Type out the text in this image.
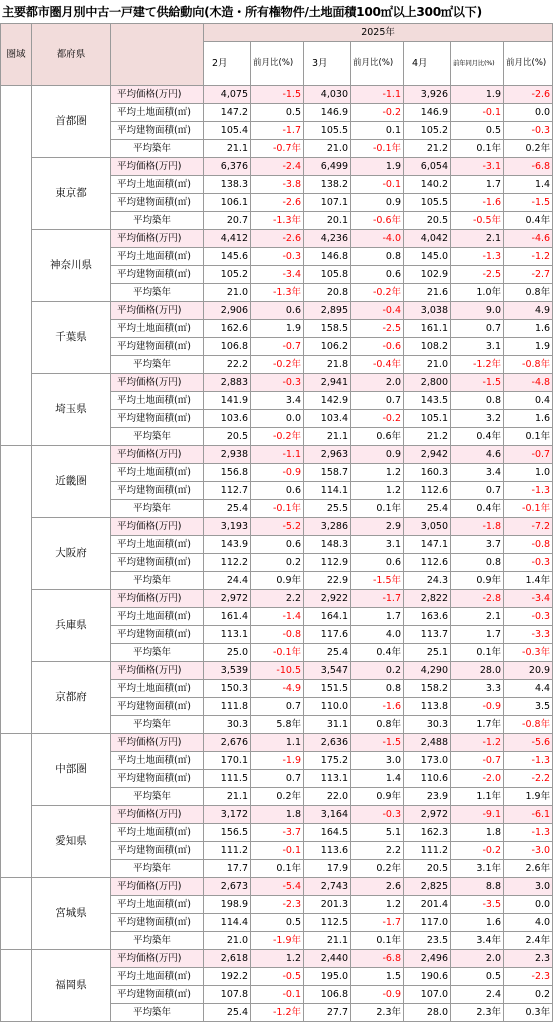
主要都市圏月別中古一戸建て供給動向(木造・所有権物件/土地面積100㎡以上300㎡以下)
圏域	都府県		2025年						
			2月	前月比(%)	3月	前月比(%)	4月	前年同月比(%)	前月比(%)
	首都圏	平均価格(万円)	4,075	-1.5	4,030	-1.1	3,926	1.9	-2.6
		平均土地面積(㎡)	147.2	0.5	146.9	-0.2	146.9	-0.1	0.0
		平均建物面積(㎡)	105.4	-1.7	105.5	0.1	105.2	0.5	-0.3
		平均築年	21.1	-0.7年	21.0	-0.1年	21.2	0.1年	0.2年
	東京都	平均価格(万円)	6,376	-2.4	6,499	1.9	6,054	-3.1	-6.8
		平均土地面積(㎡)	138.3	-3.8	138.2	-0.1	140.2	1.7	1.4
		平均建物面積(㎡)	106.1	-2.6	107.1	0.9	105.5	-1.6	-1.5
		平均築年	20.7	-1.3年	20.1	-0.6年	20.5	-0.5年	0.4年
	神奈川県	平均価格(万円)	4,412	-2.6	4,236	-4.0	4,042	2.1	-4.6
		平均土地面積(㎡)	145.6	-0.3	146.8	0.8	145.0	-1.3	-1.2
		平均建物面積(㎡)	105.2	-3.4	105.8	0.6	102.9	-2.5	-2.7
		平均築年	21.0	-1.3年	20.8	-0.2年	21.6	1.0年	0.8年
	千葉県	平均価格(万円)	2,906	0.6	2,895	-0.4	3,038	9.0	4.9
		平均土地面積(㎡)	162.6	1.9	158.5	-2.5	161.1	0.7	1.6
		平均建物面積(㎡)	106.8	-0.7	106.2	-0.6	108.2	3.1	1.9
		平均築年	22.2	-0.2年	21.8	-0.4年	21.0	-1.2年	-0.8年
	埼玉県	平均価格(万円)	2,883	-0.3	2,941	2.0	2,800	-1.5	-4.8
		平均土地面積(㎡)	141.9	3.4	142.9	0.7	143.5	0.8	0.4
		平均建物面積(㎡)	103.6	0.0	103.4	-0.2	105.1	3.2	1.6
		平均築年	20.5	-0.2年	21.1	0.6年	21.2	0.4年	0.1年
	近畿圏	平均価格(万円)	2,938	-1.1	2,963	0.9	2,942	4.6	-0.7
		平均土地面積(㎡)	156.8	-0.9	158.7	1.2	160.3	3.4	1.0
		平均建物面積(㎡)	112.7	0.6	114.1	1.2	112.6	0.7	-1.3
		平均築年	25.4	-0.1年	25.5	0.1年	25.4	0.4年	-0.1年
	大阪府	平均価格(万円)	3,193	-5.2	3,286	2.9	3,050	-1.8	-7.2
		平均土地面積(㎡)	143.9	0.6	148.3	3.1	147.1	3.7	-0.8
		平均建物面積(㎡)	112.2	0.2	112.9	0.6	112.6	0.8	-0.3
		平均築年	24.4	0.9年	22.9	-1.5年	24.3	0.9年	1.4年
	兵庫県	平均価格(万円)	2,972	2.2	2,922	-1.7	2,822	-2.8	-3.4
		平均土地面積(㎡)	161.4	-1.4	164.1	1.7	163.6	2.1	-0.3
		平均建物面積(㎡)	113.1	-0.8	117.6	4.0	113.7	1.7	-3.3
		平均築年	25.0	-0.1年	25.4	0.4年	25.1	0.1年	-0.3年
	京都府	平均価格(万円)	3,539	-10.5	3,547	0.2	4,290	28.0	20.9
		平均土地面積(㎡)	150.3	-4.9	151.5	0.8	158.2	3.3	4.4
		平均建物面積(㎡)	111.8	0.7	110.0	-1.6	113.8	-0.9	3.5
		平均築年	30.3	5.8年	31.1	0.8年	30.3	1.7年	-0.8年
	中部圏	平均価格(万円)	2,676	1.1	2,636	-1.5	2,488	-1.2	-5.6
		平均土地面積(㎡)	170.1	-1.9	175.2	3.0	173.0	-0.7	-1.3
		平均建物面積(㎡)	111.5	0.7	113.1	1.4	110.6	-2.0	-2.2
		平均築年	21.1	0.2年	22.0	0.9年	23.9	1.1年	1.9年
	愛知県	平均価格(万円)	3,172	1.8	3,164	-0.3	2,972	-9.1	-6.1
		平均土地面積(㎡)	156.5	-3.7	164.5	5.1	162.3	1.8	-1.3
		平均建物面積(㎡)	111.2	-0.1	113.6	2.2	111.2	-0.2	-3.0
		平均築年	17.7	0.1年	17.9	0.2年	20.5	3.1年	2.6年
	宮城県	平均価格(万円)	2,673	-5.4	2,743	2.6	2,825	8.8	3.0
		平均土地面積(㎡)	198.9	-2.3	201.3	1.2	201.4	-3.5	0.0
		平均建物面積(㎡)	114.4	0.5	112.5	-1.7	117.0	1.6	4.0
		平均築年	21.0	-1.9年	21.1	0.1年	23.5	3.4年	2.4年
	福岡県	平均価格(万円)	2,618	1.2	2,440	-6.8	2,496	2.0	2.3
		平均土地面積(㎡)	192.2	-0.5	195.0	1.5	190.6	0.5	-2.3
		平均建物面積(㎡)	107.8	-0.1	106.8	-0.9	107.0	2.4	0.2
		平均築年	25.4	-1.2年	27.7	2.3年	28.0	2.3年	0.3年
